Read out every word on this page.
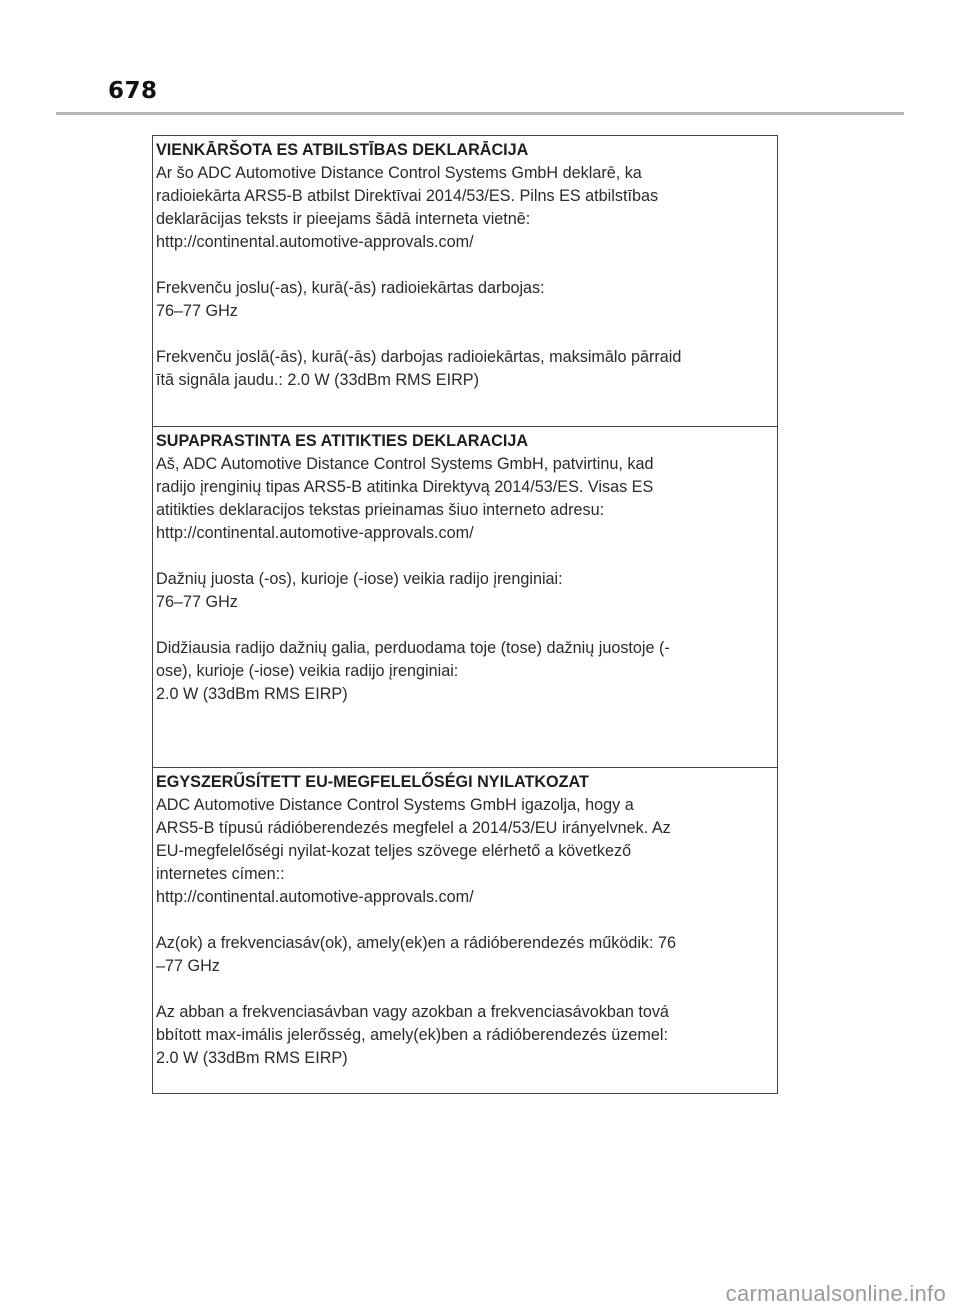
678
VIENKĀRŠOTA ES ATBILSTĪBAS DEKLARĀCIJA
Ar šo ADC Automotive Distance Control Systems GmbH deklarē, ka
radioiekārta ARS5-B atbilst Direktīvai 2014/53/ES. Pilns ES atbilstības
deklarācijas teksts ir pieejams šādā interneta vietnē:
http://continental.automotive-approvals.com/
Frekvenču joslu(-as), kurā(-ās) radioiekārtas darbojas:
76–77 GHz
Frekvenču joslā(-ās), kurā(-ās) darbojas radioiekārtas, maksimālo pārraid
ītā signāla jaudu.: 2.0 W (33dBm RMS EIRP)
SUPAPRASTINTA ES ATITIKTIES DEKLARACIJA
Aš, ADC Automotive Distance Control Systems GmbH, patvirtinu, kad
radijo įrenginių tipas ARS5-B atitinka Direktyvą 2014/53/ES. Visas ES
atitikties deklaracijos tekstas prieinamas šiuo interneto adresu:
http://continental.automotive-approvals.com/
Dažnių juosta (-os), kurioje (-iose) veikia radijo įrenginiai:
76–77 GHz
Didžiausia radijo dažnių galia, perduodama toje (tose) dažnių juostoje (-
ose), kurioje (-iose) veikia radijo įrenginiai:
2.0 W (33dBm RMS EIRP)
EGYSZERŰSÍTETT EU-MEGFELELŐSÉGI NYILATKOZAT
ADC Automotive Distance Control Systems GmbH igazolja, hogy a
ARS5-B típusú rádióberendezés megfelel a 2014/53/EU irányelvnek. Az
EU-megfelelőségi nyilat-kozat teljes szövege elérhető a következő
internetes címen::
http://continental.automotive-approvals.com/
Az(ok) a frekvenciasáv(ok), amely(ek)en a rádióberendezés működik: 76
–77 GHz
Az abban a frekvenciasávban vagy azokban a frekvenciasávokban tová
bbított max-imális jelerősség, amely(ek)ben a rádióberendezés üzemel:
2.0 W (33dBm RMS EIRP)
carmanualsonline.info
